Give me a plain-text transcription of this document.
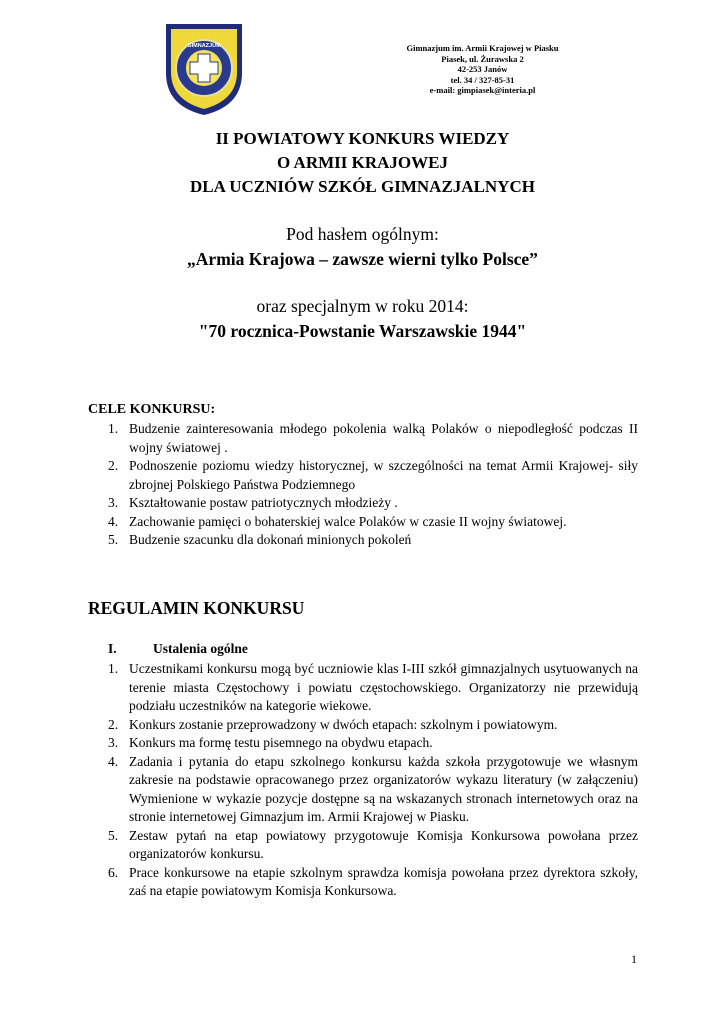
GIMNAZJUM	Gimnazjum im. Armii Krajowej w Piasku
Piasek, ul. Żurawska 2
42-253 Janów
tel. 34 / 327-85-31
e-mail: gimpiasek@interia.pl
II POWIATOWY KONKURS WIEDZY
O ARMII KRAJOWEJ
DLA UCZNIÓW SZKÓŁ GIMNAZJALNYCH
Pod hasłem ogólnym:
„Armia Krajowa – zawsze wierni tylko Polsce”
oraz specjalnym w roku 2014:
"70 rocznica-Powstanie Warszawskie 1944"
CELE KONKURSU:
1. Budzenie zainteresowania młodego pokolenia walką Polaków o niepodległość podczas II wojny światowej .
2. Podnoszenie poziomu wiedzy historycznej, w szczególności na temat Armii Krajowej- siły zbrojnej Polskiego Państwa Podziemnego
3. Kształtowanie postaw patriotycznych młodzieży .
4. Zachowanie pamięci o bohaterskiej walce Polaków w czasie II wojny światowej.
5. Budzenie szacunku dla dokonań minionych pokoleń
REGULAMIN KONKURSU
I.	Ustalenia ogólne
1. Uczestnikami konkursu mogą być uczniowie klas I-III szkół gimnazjalnych usytuowanych na terenie miasta Częstochowy i powiatu częstochowskiego. Organizatorzy nie przewidują podziału uczestników na kategorie wiekowe.
2. Konkurs zostanie przeprowadzony w dwóch etapach: szkolnym i powiatowym.
3. Konkurs ma formę testu pisemnego na obydwu etapach.
4. Zadania i pytania do etapu szkolnego konkursu każda szkoła przygotowuje we własnym zakresie na podstawie opracowanego przez organizatorów wykazu literatury (w załączeniu) Wymienione w wykazie pozycje dostępne są na wskazanych stronach internetowych oraz na stronie internetowej Gimnazjum im. Armii Krajowej w Piasku.
5. Zestaw pytań na etap powiatowy przygotowuje Komisja Konkursowa powołana przez organizatorów konkursu.
6. Prace konkursowe na etapie szkolnym sprawdza komisja powołana przez dyrektora szkoły, zaś na etapie powiatowym Komisja Konkursowa.
1
